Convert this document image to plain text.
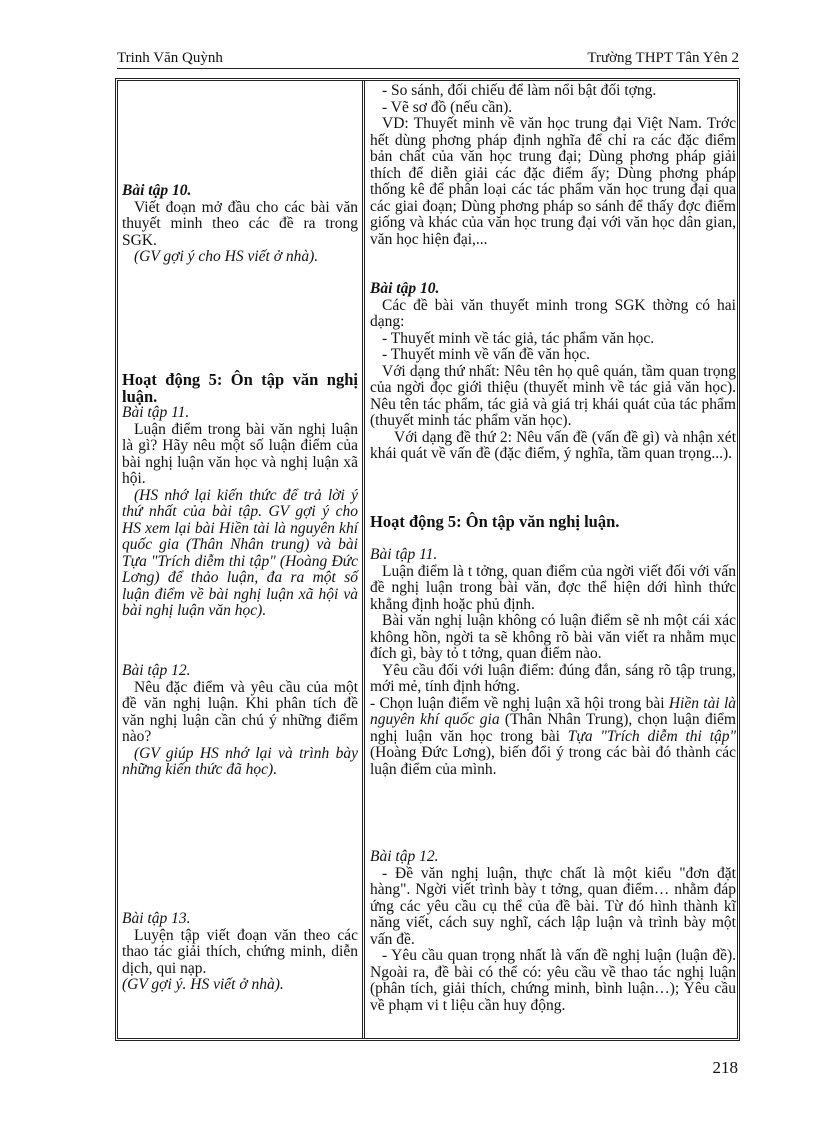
Trinh Văn Quỳnh	Trường THPT Tân Yên 2

Bài tập 10.

Viết đoạn mở đầu cho các bài văn thuyết minh theo các đề ra trong SGK.

(GV gợi ý cho HS viết ở nhà).

Hoạt động 5: Ôn tập văn nghị luận.

Bài tập 11.

Luận điểm trong bài văn nghị luận là gì? Hãy nêu một số luận điểm của bài nghị luận văn học và nghị luận xã hội.

(HS nhớ lại kiến thức để trả lời ý thứ nhất của bài tập. GV gợi ý cho HS xem lại bài Hiền tài là nguyên khí quốc gia (Thân Nhân trung) và bài Tựa "Trích diễm thi tập" (Hoàng Đức Lơng) để thảo luận, đa ra một số luận điểm về bài nghị luận xã hội và bài nghị luận văn học).

Bài tập 12.

Nêu đặc điểm và yêu cầu của một đề văn nghị luận. Khi phân tích đề văn nghị luận cần chú ý những điểm nào?

(GV giúp HS nhớ lại và trình bày những kiến thức đã học).

Bài tập 13.

Luyện tập viết đoạn văn theo các thao tác giải thích, chứng minh, diễn dịch, qui nạp.

(GV gợi ý. HS viết ở nhà).

- So sánh, đối chiếu để làm nổi bật đối tợng.

- Vẽ sơ đồ (nếu cần).

VD: Thuyết minh về văn học trung đại Việt Nam. Trớc hết dùng phơng pháp định nghĩa để chỉ ra các đặc điểm bản chất của văn học trung đại; Dùng phơng pháp giải thích để diễn giải các đặc điểm ấy; Dùng phơng pháp thống kê để phân loại các tác phẩm văn học trung đại qua các giai đoạn; Dùng phơng pháp so sánh để thấy đợc điểm giống và khác của văn học trung đại với văn học dân gian, văn học hiện đại,...

Bài tập 10.

Các đề bài văn thuyết minh trong SGK thờng có hai dạng:

- Thuyết minh về tác giả, tác phẩm văn học.

- Thuyết minh về vấn đề văn học.

Với dạng thứ nhất: Nêu tên họ quê quán, tầm quan trọng của ngời đọc giới thiệu (thuyết minh về tác giả văn học). Nêu tên tác phẩm, tác giả và giá trị khái quát của tác phẩm (thuyết minh tác phẩm văn học).

Với dạng đề thứ 2: Nêu vấn đề (vấn đề gì) và nhận xét khái quát về vấn đề (đặc điểm, ý nghĩa, tầm quan trọng...).

Hoạt động 5: Ôn tập văn nghị luận.

Bài tập 11.

Luận điểm là t tởng, quan điểm của ngời viết đối với vấn đề nghị luận trong bài văn, đợc thể hiện dới hình thức khẳng định hoặc phủ định.

Bài văn nghị luận không có luận điểm sẽ nh một cái xác không hồn, ngời ta sẽ không rõ bài văn viết ra nhằm mục đích gì, bày tỏ t tởng, quan điểm nào.

Yêu cầu đối với luận điểm: đúng đắn, sáng rõ tập trung, mới mẻ, tính định hớng.

- Chọn luận điểm về nghị luận xã hội trong bài Hiền tài là nguyên khí quốc gia (Thân Nhân Trung), chọn luận điểm nghị luận văn học trong bài Tựa "Trích diễm thi tập" (Hoàng Đức Lơng), biến đổi ý trong các bài đó thành các luận điểm của mình.

Bài tập 12.

- Đề văn nghị luận, thực chất là một kiểu "đơn đặt hàng". Ngời viết trình bày t tởng, quan điểm… nhằm đáp ứng các yêu cầu cụ thể của đề bài. Từ đó hình thành kĩ năng viết, cách suy nghĩ, cách lập luận và trình bày một vấn đề.

- Yêu cầu quan trọng nhất là vấn đề nghị luận (luận đề). Ngoài ra, đề bài có thể có: yêu cầu về thao tác nghị luận (phân tích, giải thích, chứng minh, bình luận…); Yêu cầu về phạm vi t liệu cần huy động.

218
